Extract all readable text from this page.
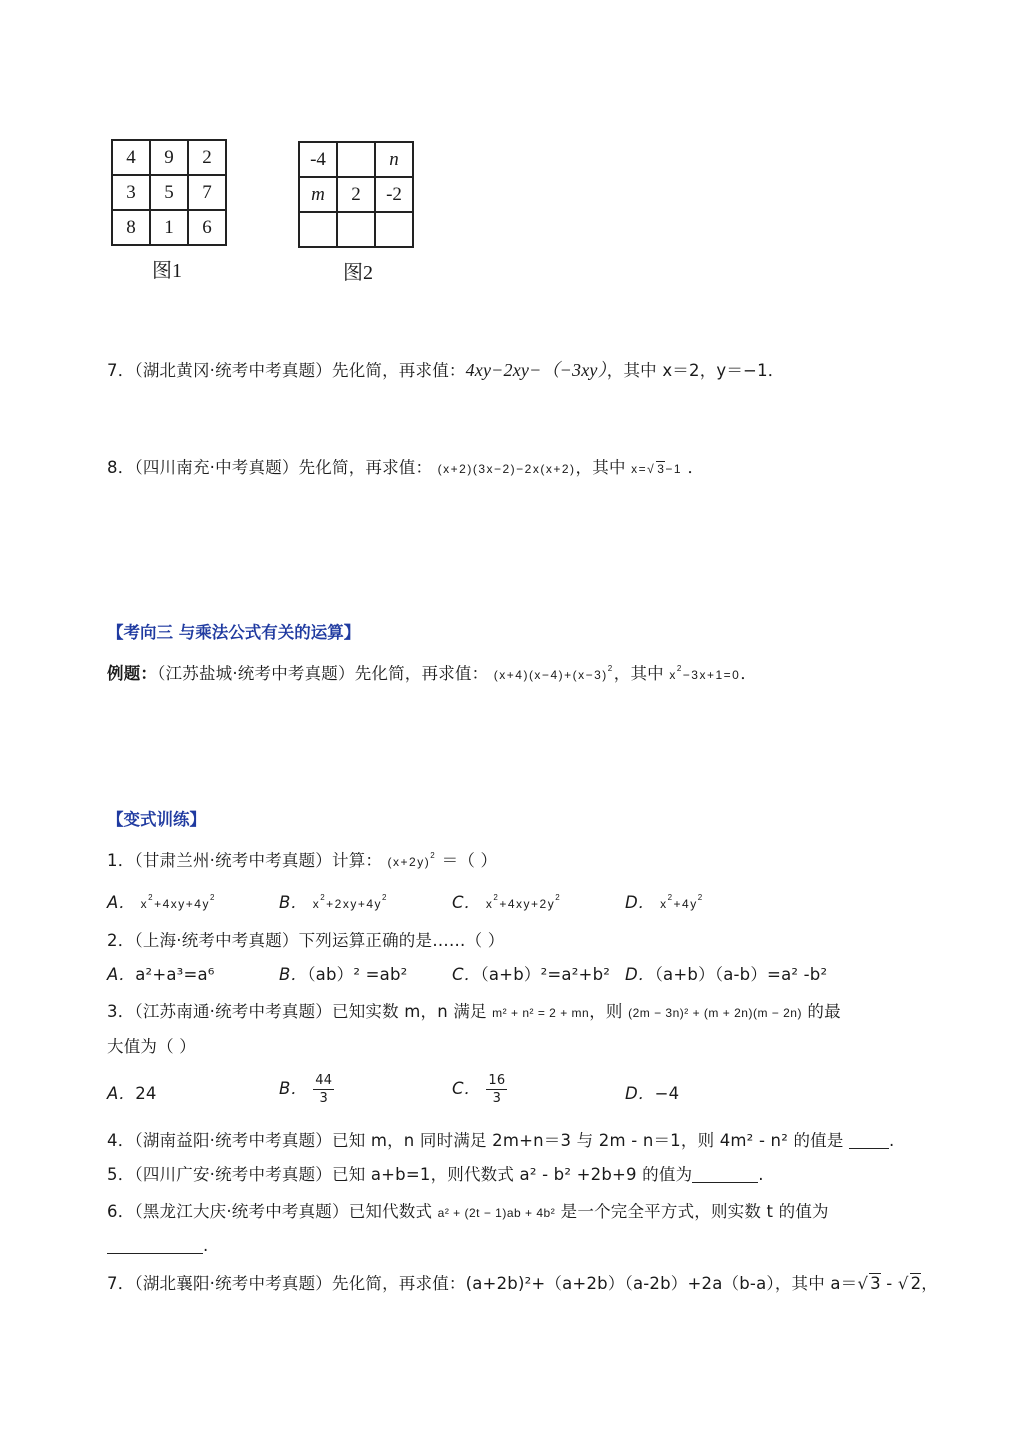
4	9	2
3	5	7
8	1	6
图1
-4		n
m	2	-2

图2
7．（湖北黄冈·统考中考真题）先化简，再求值：4xy−2xy−（−3xy），其中 x＝2，y＝−1．
8．（四川南充·中考真题）先化简，再求值： (x+2)(3x−2)−2x(x+2)，其中 x=√ 3−1 ．
【考向三 与乘法公式有关的运算】
例题：（江苏盐城·统考中考真题）先化简，再求值： $(x+4)(x-4)+(x-3)^2$，其中 $x^2-3x+1=0$．
【变式训练】
1．（甘肃兰州·统考中考真题）计算： $(x+2y)^2$ ＝（ ）
A． $x^2+4xy+4y^2$	B． $x^2+2xy+4y^2$	C． $x^2+4xy+2y^2$	D． $x^2+4y^2$
2．（上海·统考中考真题）下列运算正确的是……（ ）
A．a²+a³=a⁶	B．（ab）² =ab²	C．（a+b）²=a²+b² D．（a+b）（a-b）=a² -b²
3．（江苏南通·统考中考真题）已知实数 m，n 满足 m² + n² = 2 + mn，则 (2m − 3n)² + (m + 2n)(m − 2n) 的最
大值为（ ）
A．24	B． $\frac{44}{3}$	C． $\frac{16}{3}$	D．−4
4．（湖南益阳·统考中考真题）已知 m，n 同时满足 2m+n＝3 与 2m - n＝1，则 4m² - n² 的值是	.
5．（四川广安·统考中考真题）已知 a+b=1，则代数式 a² - b² +2b+9 的值为	.
6．（黑龙江大庆·统考中考真题）已知代数式 a² + (2t − 1)ab + 4b² 是一个完全平方式，则实数 t 的值为
.
7．（湖北襄阳·统考中考真题）先化简，再求值：(a+2b)²+（a+2b）（a-2b）+2a（b-a），其中 a＝√ 3 - √ 2，
